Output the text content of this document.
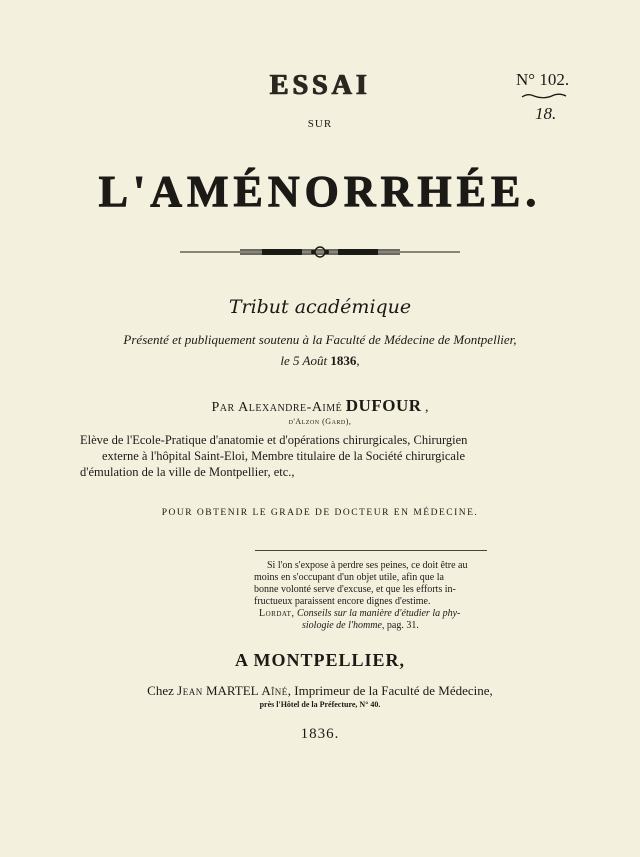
ESSAI	N° 102.
18.
SUR
L'AMÉNORRHÉE.
Tribut académique
Présenté et publiquement soutenu à la Faculté de Médecine de Montpellier,
le 5 Août 1836,
Par Alexandre-Aimé DUFOUR ,
d'Alzon (Gard),
Elève de l'Ecole-Pratique d'anatomie et d'opérations chirurgicales, Chirurgien
externe à l'hôpital Saint-Eloi, Membre titulaire de la Société chirurgicale
d'émulation de la ville de Montpellier, etc.,
POUR OBTENIR LE GRADE DE DOCTEUR EN MÉDECINE.
Si l'on s'expose à perdre ses peines, ce doit être au
moins en s'occupant d'un objet utile, afin que la
bonne volonté serve d'excuse, et que les efforts in-
fructueux paraissent encore dignes d'estime.
Lordat, Conseils sur la manière d'étudier la phy-
siologie de l'homme, pag. 31.
A MONTPELLIER,
Chez Jean MARTEL Aîné, Imprimeur de la Faculté de Médecine,
près l'Hôtel de la Préfecture, N° 40.
1836.
